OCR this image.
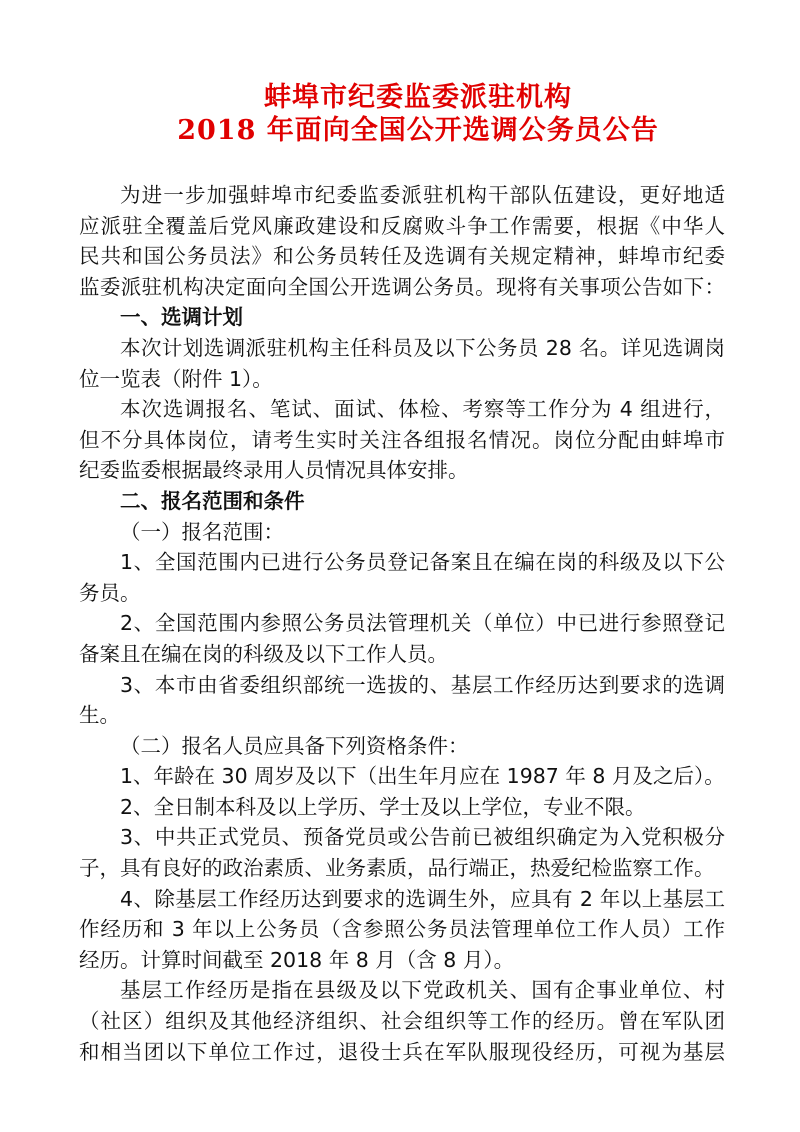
蚌埠市纪委监委派驻机构
2018 年面向全国公开选调公务员公告
为进一步加强蚌埠市纪委监委派驻机构干部队伍建设，更好地适
应派驻全覆盖后党风廉政建设和反腐败斗争工作需要，根据《中华人
民共和国公务员法》和公务员转任及选调有关规定精神，蚌埠市纪委
监委派驻机构决定面向全国公开选调公务员。现将有关事项公告如下：
一、选调计划
本次计划选调派驻机构主任科员及以下公务员 28 名。详见选调岗
位一览表（附件 1）。
本次选调报名、笔试、面试、体检、考察等工作分为 4 组进行，
但不分具体岗位，请考生实时关注各组报名情况。岗位分配由蚌埠市
纪委监委根据最终录用人员情况具体安排。
二、报名范围和条件
（一）报名范围：
1、全国范围内已进行公务员登记备案且在编在岗的科级及以下公
务员。
2、全国范围内参照公务员法管理机关（单位）中已进行参照登记
备案且在编在岗的科级及以下工作人员。
3、本市由省委组织部统一选拔的、基层工作经历达到要求的选调
生。
（二）报名人员应具备下列资格条件：
1、年龄在 30 周岁及以下（出生年月应在 1987 年 8 月及之后）。
2、全日制本科及以上学历、学士及以上学位，专业不限。
3、中共正式党员、预备党员或公告前已被组织确定为入党积极分
子，具有良好的政治素质、业务素质，品行端正，热爱纪检监察工作。
4、除基层工作经历达到要求的选调生外，应具有 2 年以上基层工
作经历和 3 年以上公务员（含参照公务员法管理单位工作人员）工作
经历。计算时间截至 2018 年 8 月（含 8 月）。
基层工作经历是指在县级及以下党政机关、国有企事业单位、村
（社区）组织及其他经济组织、社会组织等工作的经历。曾在军队团
和相当团以下单位工作过，退役士兵在军队服现役经历，可视为基层
